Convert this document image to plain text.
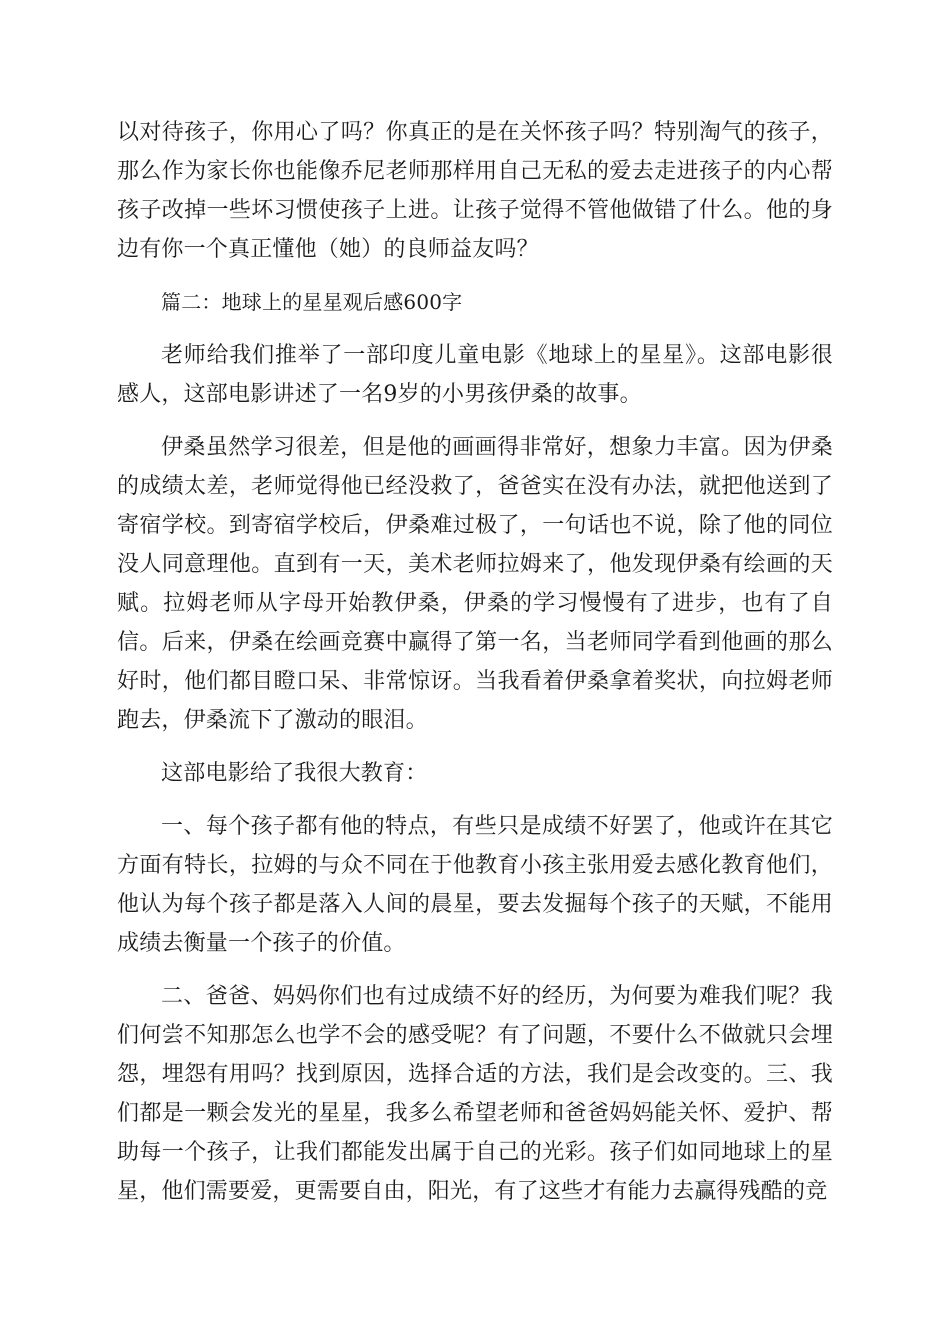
以对待孩子，你用心了吗？你真正的是在关怀孩子吗？特别淘气的孩子，那么作为家长你也能像乔尼老师那样用自己无私的爱去走进孩子的内心帮孩子改掉一些坏习惯使孩子上进。让孩子觉得不管他做错了什么。他的身边有你一个真正懂他（她）的良师益友吗？

篇二：地球上的星星观后感600字

老师给我们推举了一部印度儿童电影《地球上的星星》。这部电影很感人，这部电影讲述了一名9岁的小男孩伊桑的故事。

伊桑虽然学习很差，但是他的画画得非常好，想象力丰富。因为伊桑的成绩太差，老师觉得他已经没救了，爸爸实在没有办法，就把他送到了寄宿学校。到寄宿学校后，伊桑难过极了，一句话也不说，除了他的同位没人同意理他。直到有一天，美术老师拉姆来了，他发现伊桑有绘画的天赋。拉姆老师从字母开始教伊桑，伊桑的学习慢慢有了进步，也有了自信。后来，伊桑在绘画竞赛中赢得了第一名，当老师同学看到他画的那么好时，他们都目瞪口呆、非常惊讶。当我看着伊桑拿着奖状，向拉姆老师跑去，伊桑流下了激动的眼泪。

这部电影给了我很大教育：

一、每个孩子都有他的特点，有些只是成绩不好罢了，他或许在其它方面有特长，拉姆的与众不同在于他教育小孩主张用爱去感化教育他们，他认为每个孩子都是落入人间的晨星，要去发掘每个孩子的天赋，不能用成绩去衡量一个孩子的价值。

二、爸爸、妈妈你们也有过成绩不好的经历，为何要为难我们呢？我们何尝不知那怎么也学不会的感受呢？有了问题，不要什么不做就只会埋怨，埋怨有用吗？找到原因，选择合适的方法，我们是会改变的。三、我们都是一颗会发光的星星，我多么希望老师和爸爸妈妈能关怀、爱护、帮助每一个孩子，让我们都能发出属于自己的光彩。孩子们如同地球上的星星，他们需要爱，更需要自由，阳光，有了这些才有能力去赢得残酷的竞
